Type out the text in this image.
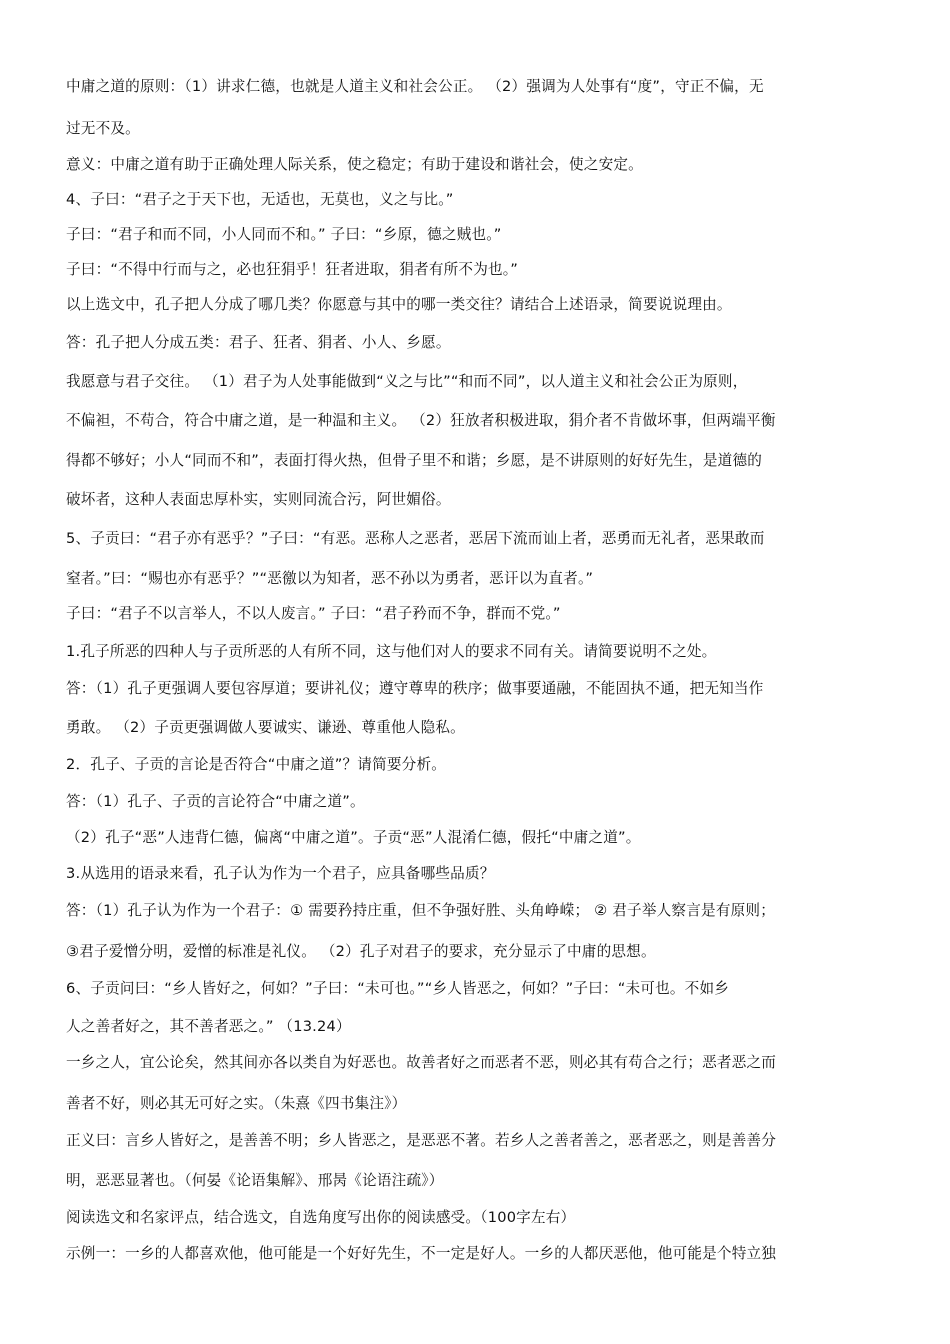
中庸之道的原则：（1）讲求仁德，也就是人道主义和社会公正。 （2）强调为人处事有“度”，守正不偏，无
过无不及。
意义：中庸之道有助于正确处理人际关系，使之稳定；有助于建设和谐社会，使之安定。
4、子曰：“君子之于天下也，无适也，无莫也，义之与比。”
子曰：“君子和而不同，小人同而不和。” 子曰：“乡原，德之贼也。”
子曰：“不得中行而与之，必也狂狷乎！狂者进取，狷者有所不为也。”
以上选文中，孔子把人分成了哪几类？你愿意与其中的哪一类交往？请结合上述语录，简要说说理由。
答：孔子把人分成五类：君子、狂者、狷者、小人、乡愿。
我愿意与君子交往。 （1）君子为人处事能做到“义之与比”“和而不同”，以人道主义和社会公正为原则，
不偏袒，不苟合，符合中庸之道，是一种温和主义。 （2）狂放者积极进取，狷介者不肯做坏事，但两端平衡
得都不够好；小人“同而不和”，表面打得火热，但骨子里不和谐；乡愿，是不讲原则的好好先生，是道德的
破坏者，这种人表面忠厚朴实，实则同流合污，阿世媚俗。
5、子贡曰：“君子亦有恶乎？”子曰：“有恶。恶称人之恶者，恶居下流而讪上者，恶勇而无礼者，恶果敢而
窒者。”曰：“赐也亦有恶乎？”“恶徼以为知者，恶不孙以为勇者，恶讦以为直者。”
子曰：“君子不以言举人，不以人废言。” 子曰：“君子矜而不争，群而不党。”
1.孔子所恶的四种人与子贡所恶的人有所不同，这与他们对人的要求不同有关。请简要说明不之处。
答：（1）孔子更强调人要包容厚道；要讲礼仪；遵守尊卑的秩序；做事要通融，不能固执不通，把无知当作
勇敢。 （2）子贡更强调做人要诚实、谦逊、尊重他人隐私。
2．孔子、子贡的言论是否符合“中庸之道”？请简要分析。
答：（1）孔子、子贡的言论符合“中庸之道”。
（2）孔子“恶”人违背仁德，偏离“中庸之道”。子贡“恶”人混淆仁德，假托“中庸之道”。
3.从选用的语录来看，孔子认为作为一个君子，应具备哪些品质？
答：（1）孔子认为作为一个君子：① 需要矜持庄重，但不争强好胜、头角峥嵘； ② 君子举人察言是有原则；
③君子爱憎分明，爱憎的标准是礼仪。 （2）孔子对君子的要求，充分显示了中庸的思想。
6、子贡问曰：“乡人皆好之，何如？”子曰：“未可也。”“乡人皆恶之，何如？”子曰：“未可也。不如乡
人之善者好之，其不善者恶之。” （13.24）
一乡之人，宜公论矣，然其间亦各以类自为好恶也。故善者好之而恶者不恶，则必其有苟合之行；恶者恶之而
善者不好，则必其无可好之实。（朱熹《四书集注》）
正义曰：言乡人皆好之，是善善不明；乡人皆恶之，是恶恶不著。若乡人之善者善之，恶者恶之，则是善善分
明，恶恶显著也。（何晏《论语集解》、邢昺《论语注疏》）
阅读选文和名家评点，结合选文，自选角度写出你的阅读感受。（100字左右）
示例一：一乡的人都喜欢他，他可能是一个好好先生，不一定是好人。一乡的人都厌恶他，他可能是个特立独
